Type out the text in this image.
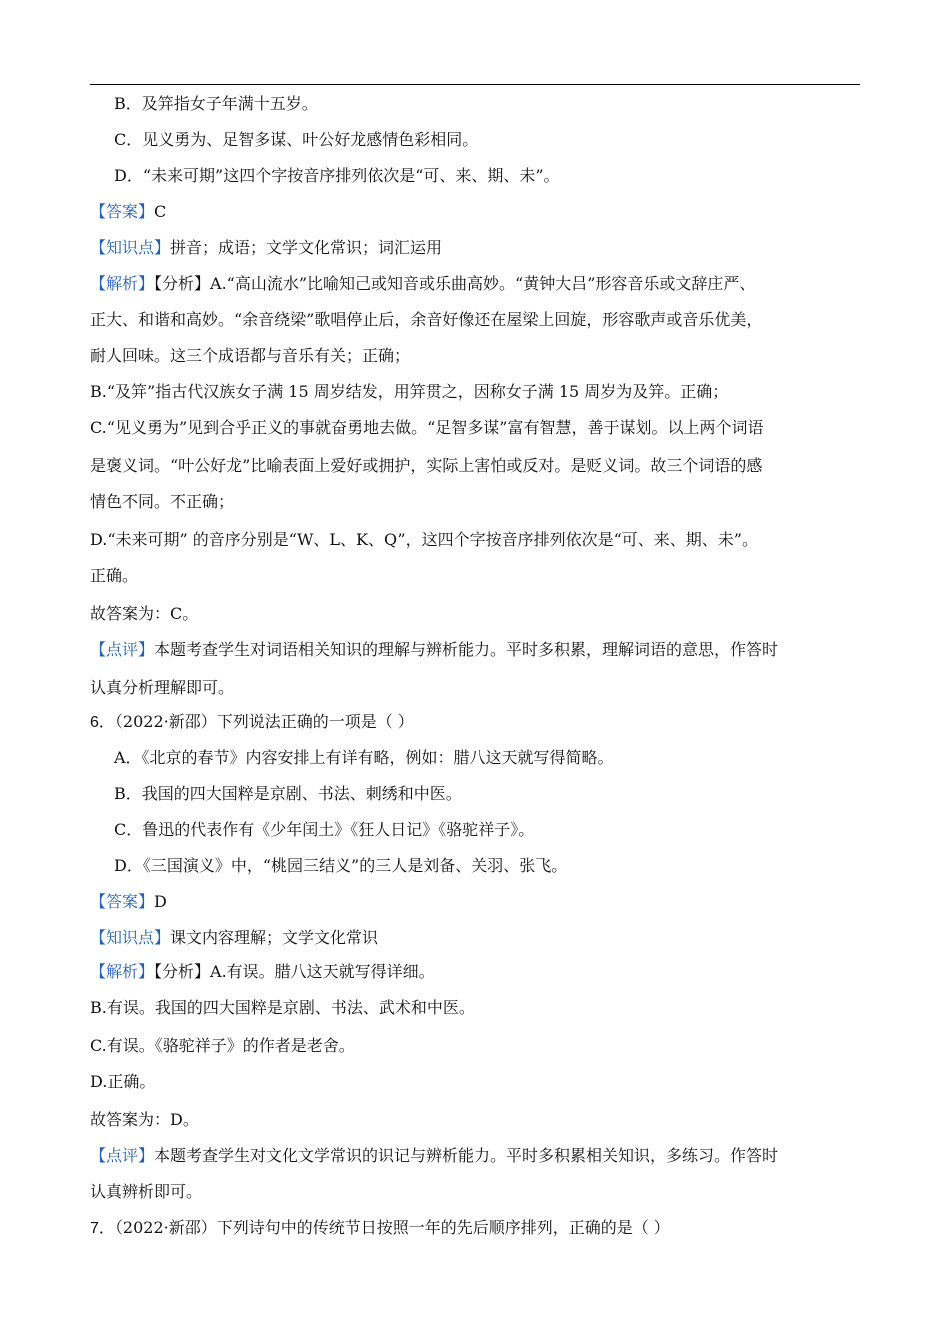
B．及笄指女子年满十五岁。
C．见义勇为、足智多谋、叶公好龙感情色彩相同。
D．“未来可期”这四个字按音序排列依次是“可、来、期、未”。
【答案】C
【知识点】拼音；成语；文学文化常识；词汇运用
【解析】【分析】A.“高山流水”比喻知己或知音或乐曲高妙。“黄钟大吕”形容音乐或文辞庄严、
正大、和谐和高妙。“余音绕梁”歌唱停止后，余音好像还在屋梁上回旋，形容歌声或音乐优美，
耐人回味。这三个成语都与音乐有关；正确；
B.“及笄”指古代汉族女子满 15 周岁结发，用笄贯之，因称女子满 15 周岁为及笄。正确；
C.“见义勇为”见到合乎正义的事就奋勇地去做。“足智多谋”富有智慧，善于谋划。以上两个词语
是褒义词。“叶公好龙”比喻表面上爱好或拥护，实际上害怕或反对。是贬义词。故三个词语的感
情色不同。不正确；
D.“未来可期” 的音序分别是“W、L、K、Q”，这四个字按音序排列依次是“可、来、期、未”。
正确。
故答案为：C。
【点评】本题考查学生对词语相关知识的理解与辨析能力。平时多积累，理解词语的意思，作答时
认真分析理解即可。
6．（2022·新邵）下列说法正确的一项是（ ）
A．《北京的春节》内容安排上有详有略，例如：腊八这天就写得简略。
B．我国的四大国粹是京剧、书法、刺绣和中医。
C．鲁迅的代表作有《少年闰土》《狂人日记》《骆驼祥子》。
D．《三国演义》中，“桃园三结义”的三人是刘备、关羽、张飞。
【答案】D
【知识点】课文内容理解；文学文化常识
【解析】【分析】A.有误。腊八这天就写得详细。
B.有误。我国的四大国粹是京剧、书法、武术和中医。
C.有误。《骆驼祥子》的作者是老舍。
D.正确。
故答案为：D。
【点评】本题考查学生对文化文学常识的识记与辨析能力。平时多积累相关知识，多练习。作答时
认真辨析即可。
7．（2022·新邵）下列诗句中的传统节日按照一年的先后顺序排列，正确的是（ ）
